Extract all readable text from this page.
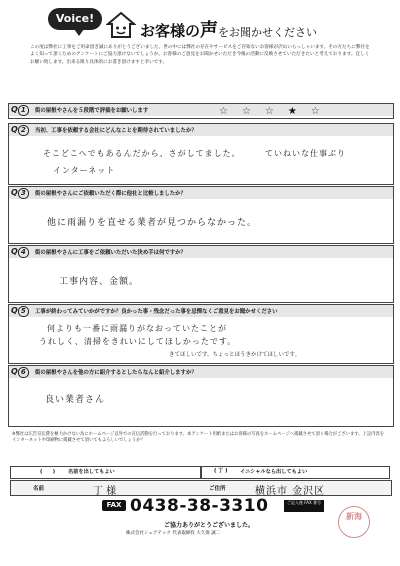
Voice!
お客様の声をお聞かせください
この度は弊社に工事をご用命頂き誠にありがとうございました。世の中には弊社の存在やサービスをご存知ないお客様が沢山いらっしゃいます。その方たちに弊社をよく知って頂くためのアンケートにご協力頂けないでしょうか。お客様のご意見をお聞かせいただき今後の活動に反映させていただきたいと考えております。宜しくお願い致します。出来る限り具体的にお書き頂けますと幸いです。
Q 1	街の屋根やさんを５段階で評価をお願いします	☆☆☆★☆
Q 2	当初、工事を依頼する会社にどんなことを期待されていましたか？
そこどこへでもあるんだから、さがしてました。	ていねいな仕事ぶり
インターネット
Q 3	街の屋根やさんにご依頼いただく際に他社と比較しましたか？
他に雨漏りを直せる業者が見つからなかった。
Q 4	街の屋根やさんに工事をご依頼いただいた決め手は何ですか？
工事内容、金額。
Q 5	工事が終わってみていかがですか？良かった事・残念だった事を忌憚なくご意見をお聞かせください
何よりも一番に雨漏りがなおっていたことが
うれしく、清掃をきれいにしてほしかったです。
きてほしいです。ちょっとほうきかけてほしいです。
Q 6	街の屋根やさんを他の方に紹介するとしたらなんと紹介しますか？
良い業者さん
※弊社は広告宣伝費を極力かけない為にホームページ以外での宣伝活動を行っております。本アンケート用紙またはお客様の写真をホームページへ掲載させて頂く場合がございます。上記内容をインターネットや印刷物に掲載させて頂いてもよろしいでしょうか？
(　　) 名前を出してもよい	( 丁 ) イニシャルなら出してもよい
名前	丁 様	ご住所	横浜市 金沢区
FAX 0438-38-3310	ご記入後 FAX 番号
ご協力ありがとうございました。
株式会社シェアテック 代表取締役 大久保 誠二
新海
